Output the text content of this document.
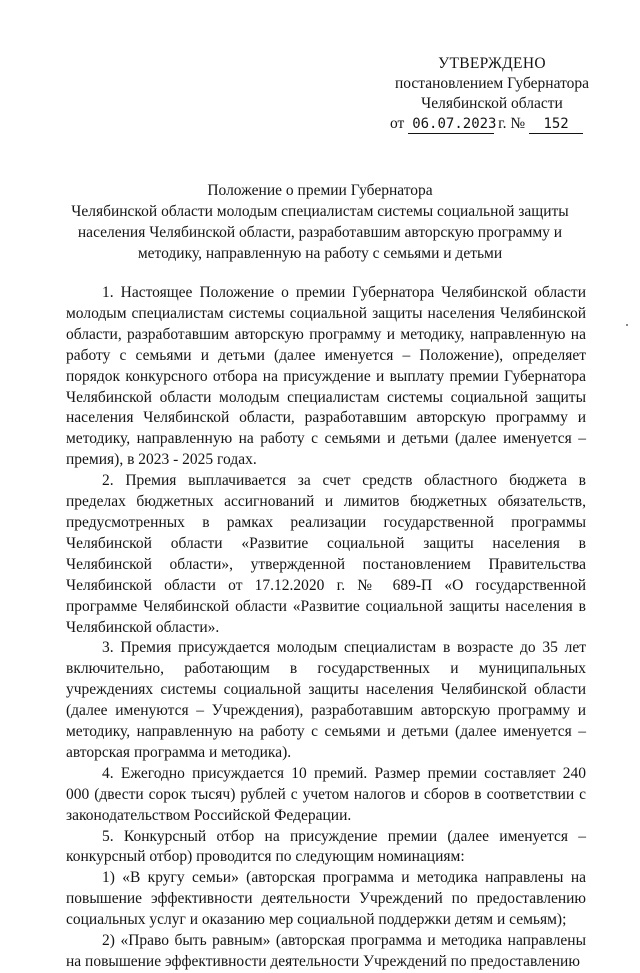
УТВЕРЖДЕНО
постановлением Губернатора
Челябинской области
от 06.07.2023 г. № 152
Положение о премии Губернатора
Челябинской области молодым специалистам системы социальной защиты
населения Челябинской области, разработавшим авторскую программу и
методику, направленную на работу с семьями и детьми

1. Настоящее Положение о премии Губернатора Челябинской области молодым специалистам системы социальной защиты населения Челябинской области, разработавшим авторскую программу и методику, направленную на работу с семьями и детьми (далее именуется – Положение), определяет порядок конкурсного отбора на присуждение и выплату премии Губернатора Челябинской области молодым специалистам системы социальной защиты населения Челябинской области, разработавшим авторскую программу и методику, направленную на работу с семьями и детьми (далее именуется – премия), в 2023 - 2025 годах.

2. Премия выплачивается за счет средств областного бюджета в пределах бюджетных ассигнований и лимитов бюджетных обязательств, предусмотренных в рамках реализации государственной программы Челябинской области «Развитие социальной защиты населения в Челябинской области», утвержденной постановлением Правительства Челябинской области от 17.12.2020 г. № 689-П «О государственной программе Челябинской области «Развитие социальной защиты населения в Челябинской области».

3. Премия присуждается молодым специалистам в возрасте до 35 лет включительно, работающим в государственных и муниципальных учреждениях системы социальной защиты населения Челябинской области (далее именуются – Учреждения), разработавшим авторскую программу и методику, направленную на работу с семьями и детьми (далее именуется – авторская программа и методика).

4. Ежегодно присуждается 10 премий. Размер премии составляет 240 000 (двести сорок тысяч) рублей с учетом налогов и сборов в соответствии с законодательством Российской Федерации.

5. Конкурсный отбор на присуждение премии (далее именуется – конкурсный отбор) проводится по следующим номинациям:

1) «В кругу семьи» (авторская программа и методика направлены на повышение эффективности деятельности Учреждений по предоставлению социальных услуг и оказанию мер социальной поддержки детям и семьям);

2) «Право быть равным» (авторская программа и методика направлены на повышение эффективности деятельности Учреждений по предоставлению
